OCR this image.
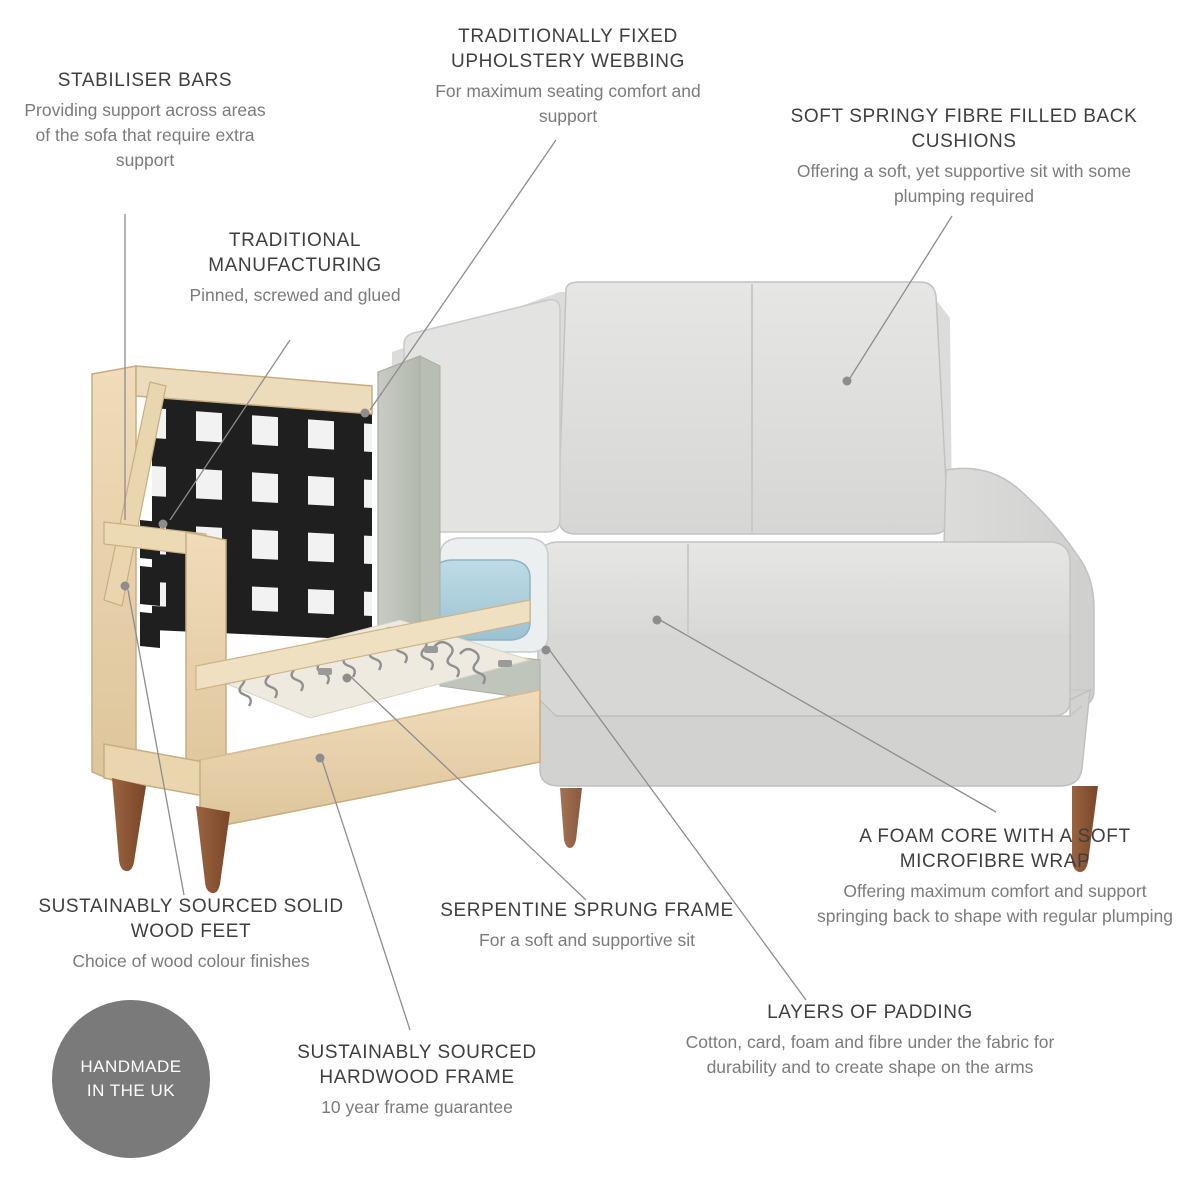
STABILISER BARS
Providing support across areas of the sofa that require extra support
TRADITIONAL MANUFACTURING
Pinned, screwed and glued
TRADITIONALLY FIXED UPHOLSTERY WEBBING
For maximum seating comfort and support	SOFT SPRINGY FIBRE FILLED BACK CUSHIONS
Offering a soft, yet supportive sit with some plumping required
A FOAM CORE WITH A SOFT MICROFIBRE WRAP
Offering maximum comfort and support springing back to shape with regular plumping
LAYERS OF PADDING
Cotton, card, foam and fibre under the fabric for durability and to create shape on the arms
SERPENTINE SPRUNG FRAME
For a soft and supportive sit
SUSTAINABLY SOURCED HARDWOOD FRAME
10 year frame guarantee
SUSTAINABLY SOURCED SOLID WOOD FEET
Choice of wood colour finishes
HANDMADE
IN THE UK
